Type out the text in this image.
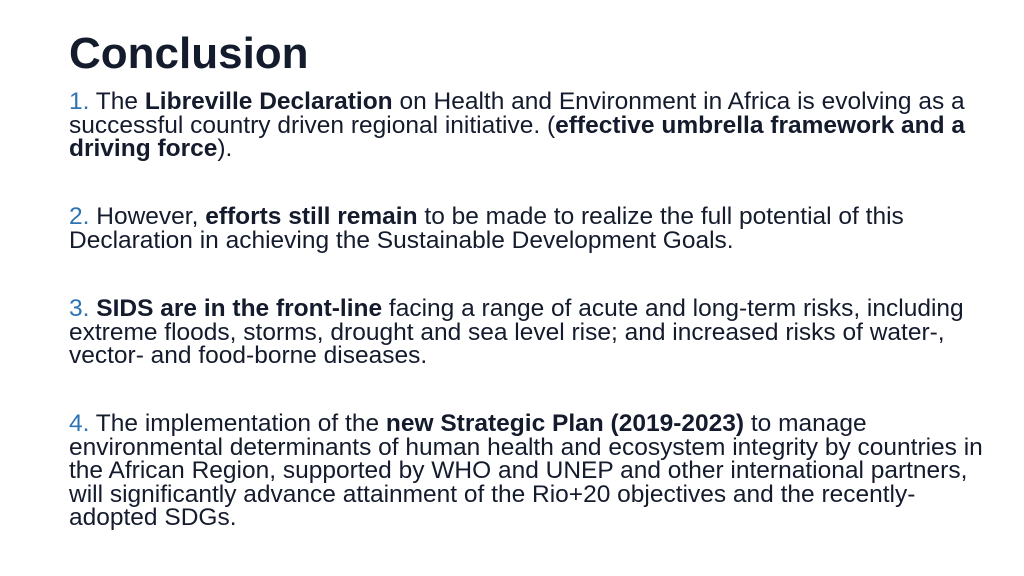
Conclusion

1. The Libreville Declaration on Health and Environment in Africa is evolving as a successful country driven regional initiative. (effective umbrella framework and a driving force).

2. However, efforts still remain to be made to realize the full potential of this Declaration in achieving the Sustainable Development Goals.

3. SIDS are in the front-line facing a range of acute and long-term risks, including extreme floods, storms, drought and sea level rise; and increased risks of water-, vector- and food-borne diseases.

4. The implementation of the new Strategic Plan (2019-2023) to manage environmental determinants of human health and ecosystem integrity by countries in the African Region, supported by WHO and UNEP and other international partners, will significantly advance attainment of the Rio+20 objectives and the recently-adopted SDGs.
